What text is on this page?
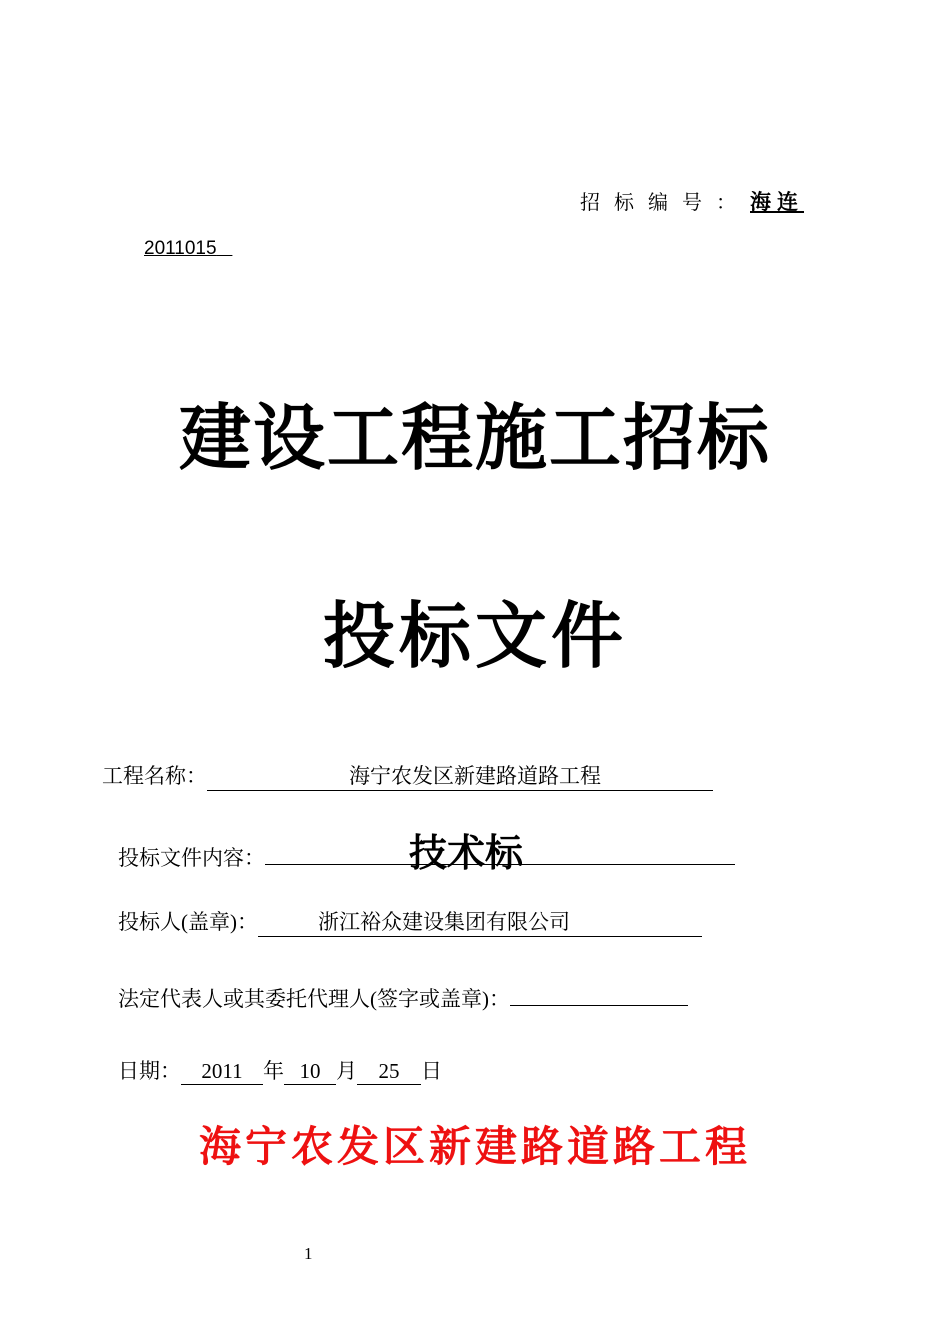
招标编号：海连
2011015
建设工程施工招标
投标文件
工程名称：	海宁农发区新建路道路工程
投标文件内容：	技术标
投标人(盖章)：	浙江裕众建设集团有限公司
法定代表人或其委托代理人(签字或盖章)：
日期： 2011 年 10 月 25 日
海宁农发区新建路道路工程
1
